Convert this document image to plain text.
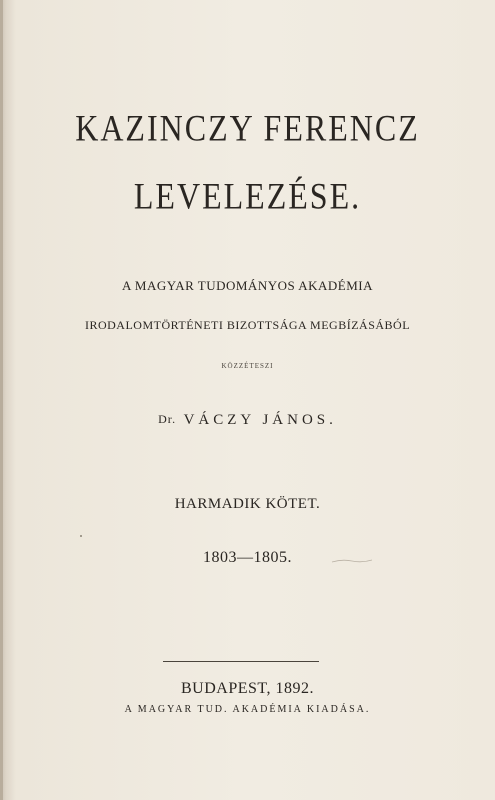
KAZINCZY FERENCZ
LEVELEZÉSE.
A MAGYAR TUDOMÁNYOS AKADÉMIA
IRODALOMTÖRTÉNETI BIZOTTSÁGA MEGBÍZÁSÁBÓL
KÖZZÉTESZI
Dr. VÁCZY JÁNOS.
HARMADIK KÖTET.
1803—1805.
BUDAPEST, 1892.
A MAGYAR TUD. AKADÉMIA KIADÁSA.
